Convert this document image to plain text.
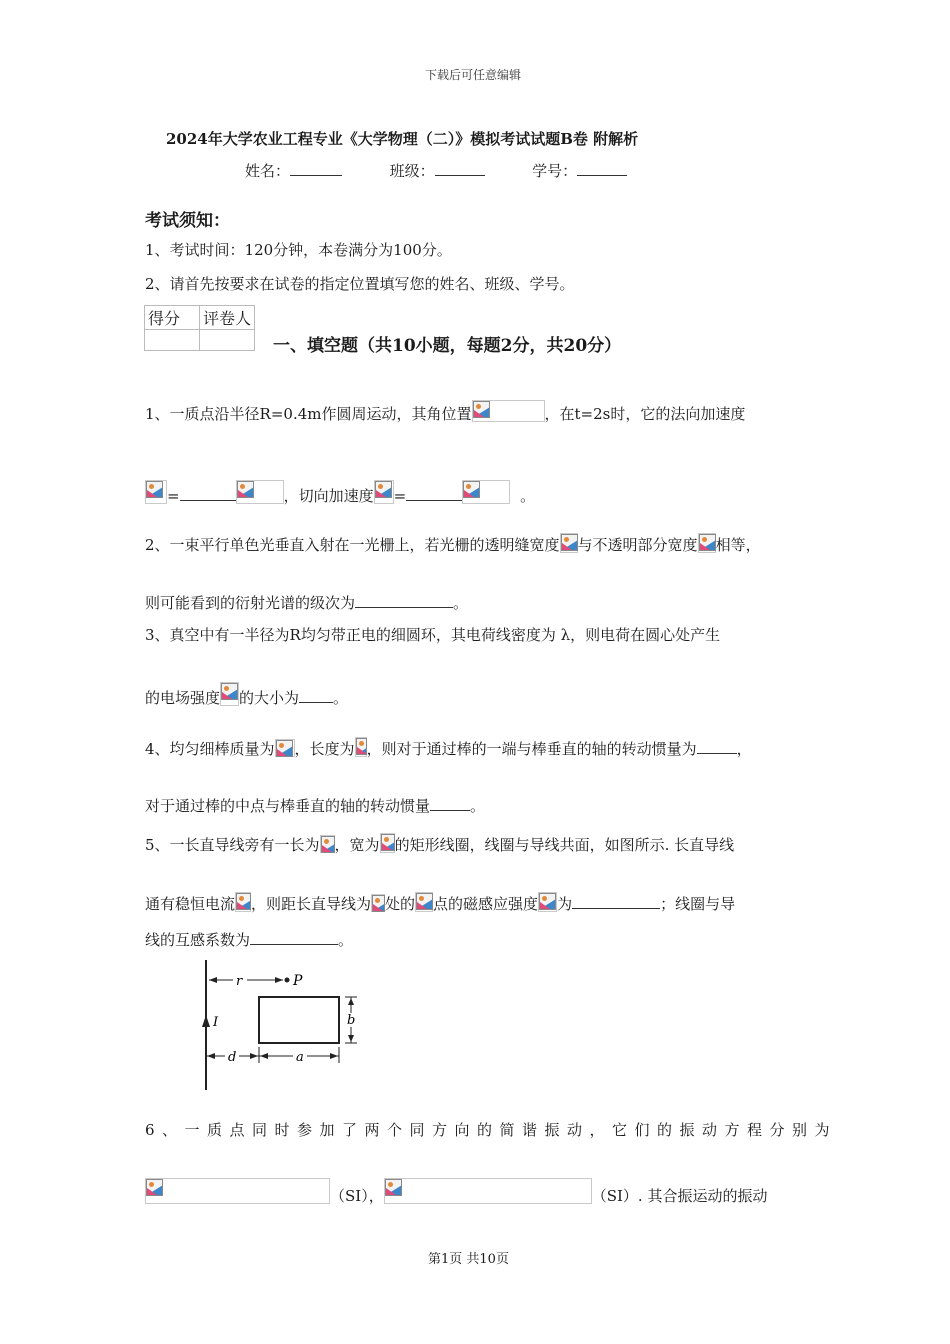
下载后可任意编辑
2024年大学农业工程专业《大学物理（二）》模拟考试试题B卷 附解析
姓名：	班级：	学号：
考试须知：
1、考试时间：120分钟，本卷满分为100分。
2、请首先按要求在试卷的指定位置填写您的姓名、班级、学号。
得分	评卷人

一、填空题（共10小题，每题2分，共20分）
1、一质点沿半径R=0.4m作圆周运动，其角位置	，在t=2s时，它的法向加速度
=	，切向加速度 =	。
2、一束平行单色光垂直入射在一光栅上，若光栅的透明缝宽度 与不透明部分宽度 相等，
则可能看到的衍射光谱的级次为	。
3、真空中有一半径为R均匀带正电的细圆环，其电荷线密度为 λ，则电荷在圆心处产生
的电场强度 的大小为 。
4、均匀细棒质量为 ，长度为 ，则对于通过棒的一端与棒垂直的轴的转动惯量为	，
对于通过棒的中点与棒垂直的轴的转动惯量	。
5、一长直导线旁有一长为 ，宽为 的矩形线圈，线圈与导线共面，如图所示. 长直导线
通有稳恒电流 ，则距长直导线为 处的 点的磁感应强度 为	；线圈与导
线的互感系数为	。
I
r	P
b
d	a
6、一质点同时参加了两个同方向的简谐振动，它们的振动方程分别为
（SI），	（SI）. 其合振运动的振动
第1页 共10页
